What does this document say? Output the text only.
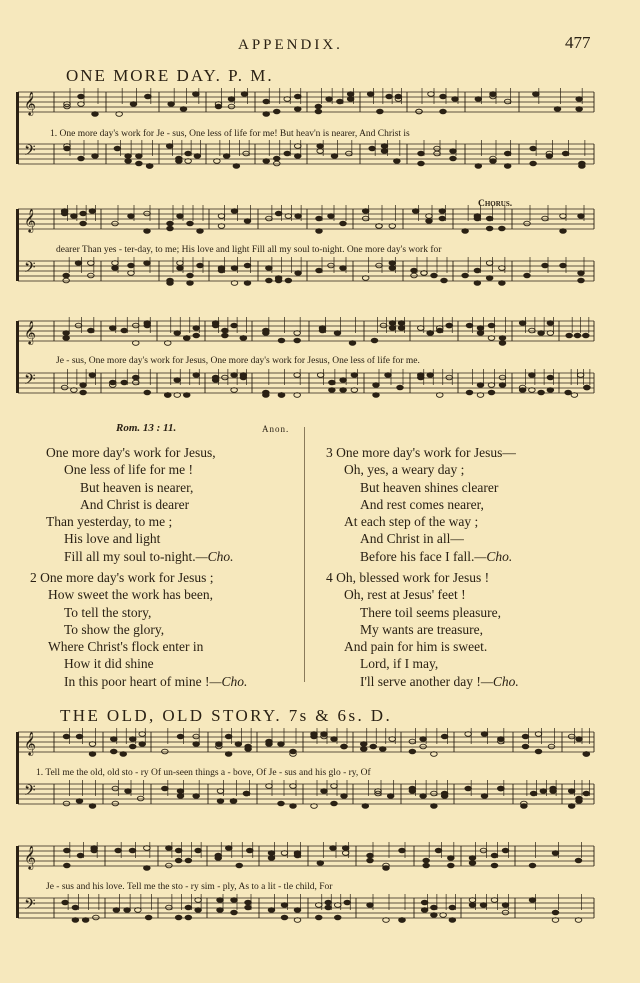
APPENDIX.	477
ONE MORE DAY. P. M.
𝄞
𝄢
1. One more day's work for Je - sus, One less of life for me! But heav'n is nearer, And Christ is
𝄞
𝄢
dearer Than yes - ter-day, to me; His love and light Fill all my soul to-night. One more day's work for
Chorus.
𝄞
𝄢
Je - sus, One more day's work for Jesus, One more day's work for Jesus, One less of life for me.
Rom. 13 : 11.	Anon.
One more day's work for Jesus,
One less of life for me !
But heaven is nearer,
And Christ is dearer
Than yesterday, to me ;
His love and light
Fill all my soul to-night.—Cho.
2 One more day's work for Jesus ;
How sweet the work has been,
To tell the story,
To show the glory,
Where Christ's flock enter in
How it did shine
In this poor heart of mine !—Cho.
3 One more day's work for Jesus—
Oh, yes, a weary day ;
But heaven shines clearer
And rest comes nearer,
At each step of the way ;
And Christ in all—
Before his face I fall.—Cho.
4 Oh, blessed work for Jesus !
Oh, rest at Jesus' feet !
There toil seems pleasure,
My wants are treasure,
And pain for him is sweet.
Lord, if I may,
I'll serve another day !—Cho.
THE OLD, OLD STORY. 7s & 6s. D.
𝄞
𝄢
1. Tell me the old, old sto - ry Of un-seen things a - bove, Of Je - sus and his glo - ry, Of
𝄞
𝄢
Je - sus and his love. Tell me the sto - ry sim - ply, As to a lit - tle child, For
